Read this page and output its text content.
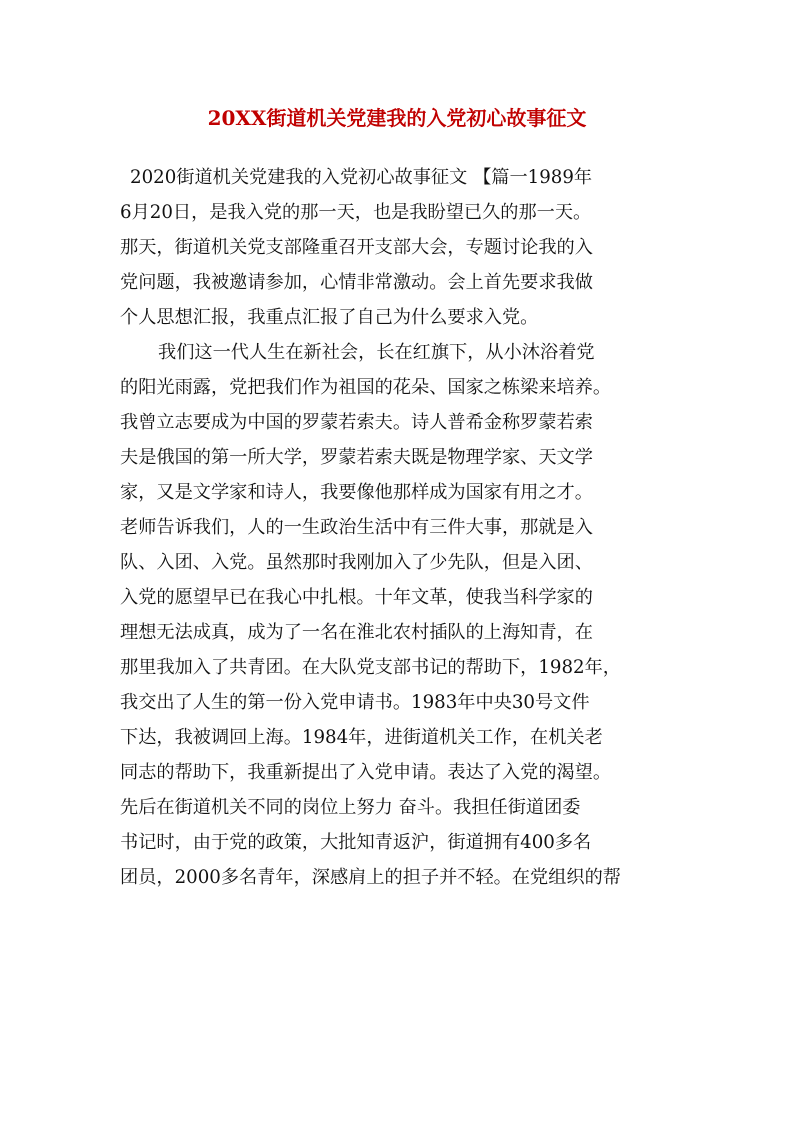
20XX街道机关党建我的入党初心故事征文
2020街道机关党建我的入党初心故事征文 【篇一1989年
6月20日，是我入党的那一天，也是我盼望已久的那一天。
那天，街道机关党支部隆重召开支部大会，专题讨论我的入
党问题，我被邀请参加，心情非常激动。会上首先要求我做
个人思想汇报，我重点汇报了自己为什么要求入党。
我们这一代人生在新社会，长在红旗下，从小沐浴着党
的阳光雨露，党把我们作为祖国的花朵、国家之栋梁来培养。
我曾立志要成为中国的罗蒙若索夫。诗人普希金称罗蒙若索
夫是俄国的第一所大学，罗蒙若索夫既是物理学家、天文学
家，又是文学家和诗人，我要像他那样成为国家有用之才。
老师告诉我们，人的一生政治生活中有三件大事，那就是入
队、入团、入党。虽然那时我刚加入了少先队，但是入团、
入党的愿望早已在我心中扎根。十年文革，使我当科学家的
理想无法成真，成为了一名在淮北农村插队的上海知青，在
那里我加入了共青团。在大队党支部书记的帮助下，1982年，
我交出了人生的第一份入党申请书。1983年中央30号文件
下达，我被调回上海。1984年，进街道机关工作，在机关老
同志的帮助下，我重新提出了入党申请。表达了入党的渴望。
先后在街道机关不同的岗位上努力 奋斗。我担任街道团委
书记时，由于党的政策，大批知青返沪，街道拥有400多名
团员，2000多名青年，深感肩上的担子并不轻。在党组织的帮
